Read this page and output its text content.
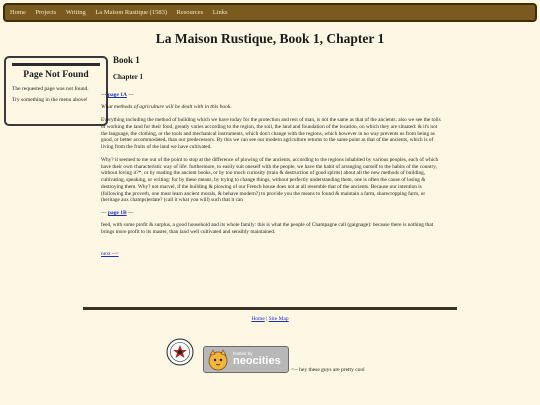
Home Projects Writing La Maison Rustique (1583) Resources Links
La Maison Rustique, Book 1, Chapter 1
Page Not Found

The requested page was not found.

Try something in the menu above!

Book 1
Chapter 1

--- page 1A ---

What methods of agriculture will be dealt with in this book.

Everything including the method of building which we have today for the protection and rest of man, is not the same as that of the ancients: also we see the toils of working the land for their food, greatly varies according to the region, the soil, the land and foundation of the location, on which they are situated: & it's not the language, the clothing, or the tools and mechanical instruments, which don't change with the regions, which however in no way prevents us from being as good, or better accommodated, than our predecessors. By this we can see our modern agriculture returns to the same point as that of the ancients, which is of living from the fruits of the land we have cultivated.

Why? it seemed to me out of the point to stop at the difference of plowing of the ancients, according to the regions inhabited by various peoples, each of which have their own characteristic way of life: furthermore, to easily suit oneself with the people, we have the habit of arranging ourself to the habits of the country, without loving it?*, or by reading the ancient books, or by too much curiosity (train & destruction of good spirits) about all the new methods of building, cultivating, speaking, or writing: for by these means, by trying to change things, without perfectly understanding them, one is often the cause of losing & destroying them. Why? not marvel, if the building & plowing of our French house does not at all resemble that of the ancients. Because our intention is (following the proverb, one must learn ancient morals, & behave modern?) to provide you the means to found & maintain a farm, sharecropping farm, or (heritage aux champs)estate? (call it what you will) such that it can

--- page 1B ---

feed, with some profit & surplus, a good household and its whole family: this is what the people of Champagne call (gaignage): because there is nothing that brings more profit to its master, than land well cultivated and sensibly maintained.

next -->
Home | Site Map
hosted by
neocities
<-- hey these guys are pretty cool
